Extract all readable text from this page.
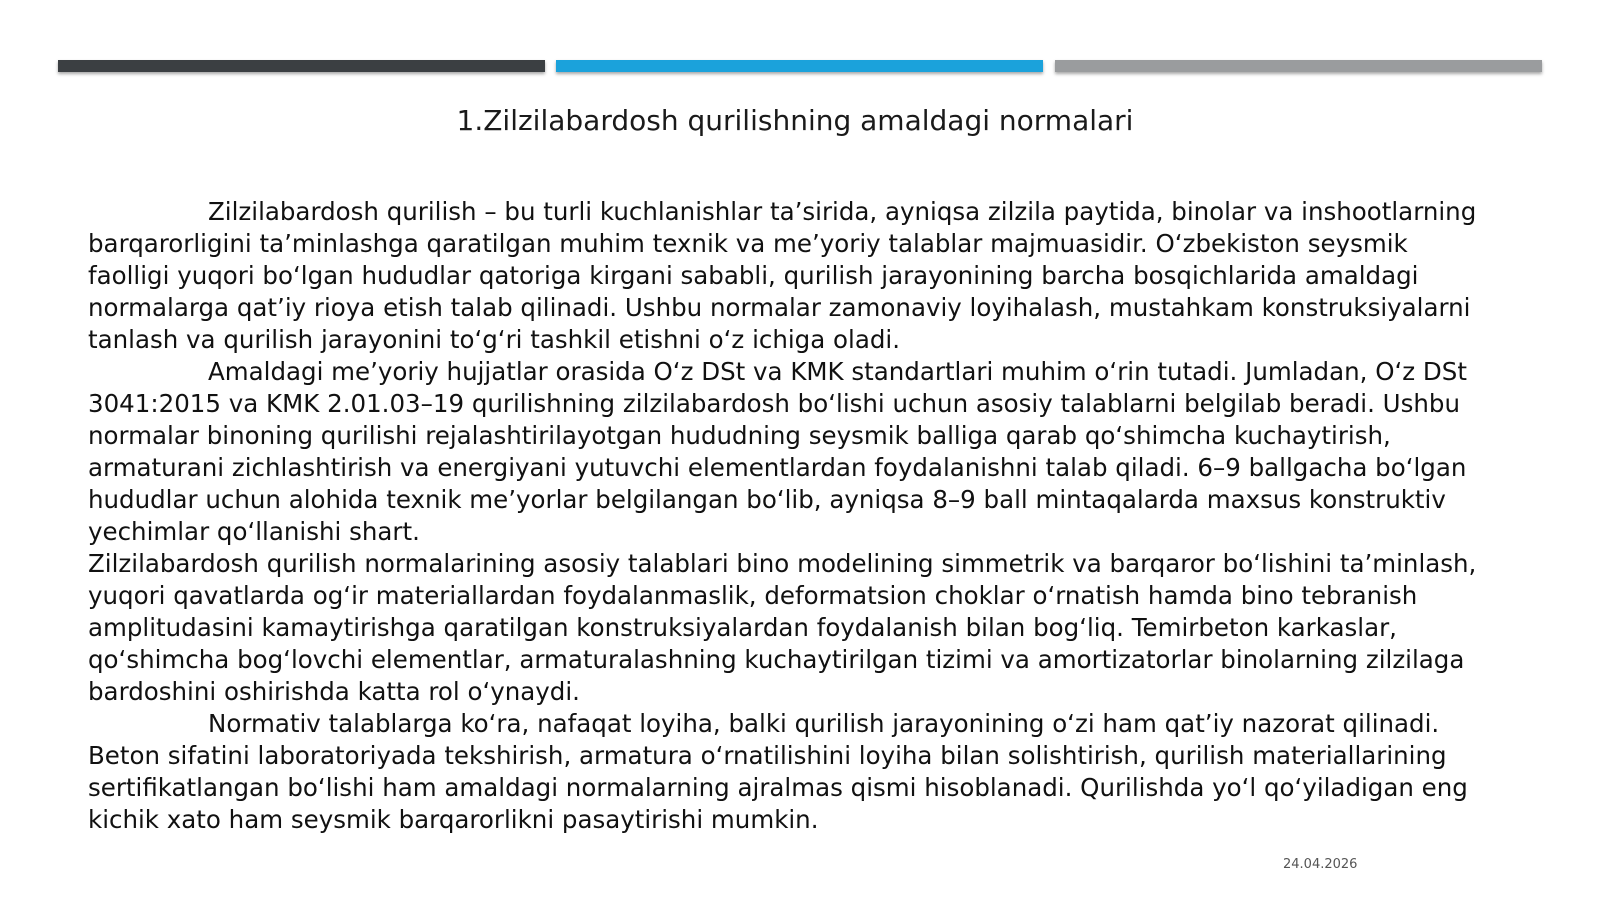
1.Zilzilabardosh qurilishning amaldagi normalari

Zilzilabardosh qurilish – bu turli kuchlanishlar ta’sirida, ayniqsa zilzila paytida, binolar va inshootlarning barqarorligini ta’minlashga qaratilgan muhim texnik va me’yoriy talablar majmuasidir. O‘zbekiston seysmik faolligi yuqori bo‘lgan hududlar qatoriga kirgani sababli, qurilish jarayonining barcha bosqichlarida amaldagi normalarga qat’iy rioya etish talab qilinadi. Ushbu normalar zamonaviy loyihalash, mustahkam konstruksiyalarni tanlash va qurilish jarayonini to‘g‘ri tashkil etishni o‘z ichiga oladi.

Amaldagi me’yoriy hujjatlar orasida O‘z DSt va KMK standartlari muhim o‘rin tutadi. Jumladan, O‘z DSt 3041:2015 va KMK 2.01.03–19 qurilishning zilzilabardosh bo‘lishi uchun asosiy talablarni belgilab beradi. Ushbu normalar binoning qurilishi rejalashtirilayotgan hududning seysmik balliga qarab qo‘shimcha kuchaytirish, armaturani zichlashtirish va energiyani yutuvchi elementlardan foydalanishni talab qiladi. 6–9 ballgacha bo‘lgan hududlar uchun alohida texnik me’yorlar belgilangan bo‘lib, ayniqsa 8–9 ball mintaqalarda maxsus konstruktiv yechimlar qo‘llanishi shart.

Zilzilabardosh qurilish normalarining asosiy talablari bino modelining simmetrik va barqaror bo‘lishini ta’minlash, yuqori qavatlarda og‘ir materiallardan foydalanmaslik, deformatsion choklar o‘rnatish hamda bino tebranish amplitudasini kamaytirishga qaratilgan konstruksiyalardan foydalanish bilan bog‘liq. Temirbeton karkaslar, qo‘shimcha bog‘lovchi elementlar, armaturalashning kuchaytirilgan tizimi va amortizatorlar binolarning zilzilaga bardoshini oshirishda katta rol o‘ynaydi.

Normativ talablarga ko‘ra, nafaqat loyiha, balki qurilish jarayonining o‘zi ham qat’iy nazorat qilinadi. Beton sifatini laboratoriyada tekshirish, armatura o‘rnatilishini loyiha bilan solishtirish, qurilish materiallarining sertifikatlangan bo‘lishi ham amaldagi normalarning ajralmas qismi hisoblanadi. Qurilishda yo‘l qo‘yiladigan eng kichik xato ham seysmik barqarorlikni pasaytirishi mumkin.

24.04.2026
